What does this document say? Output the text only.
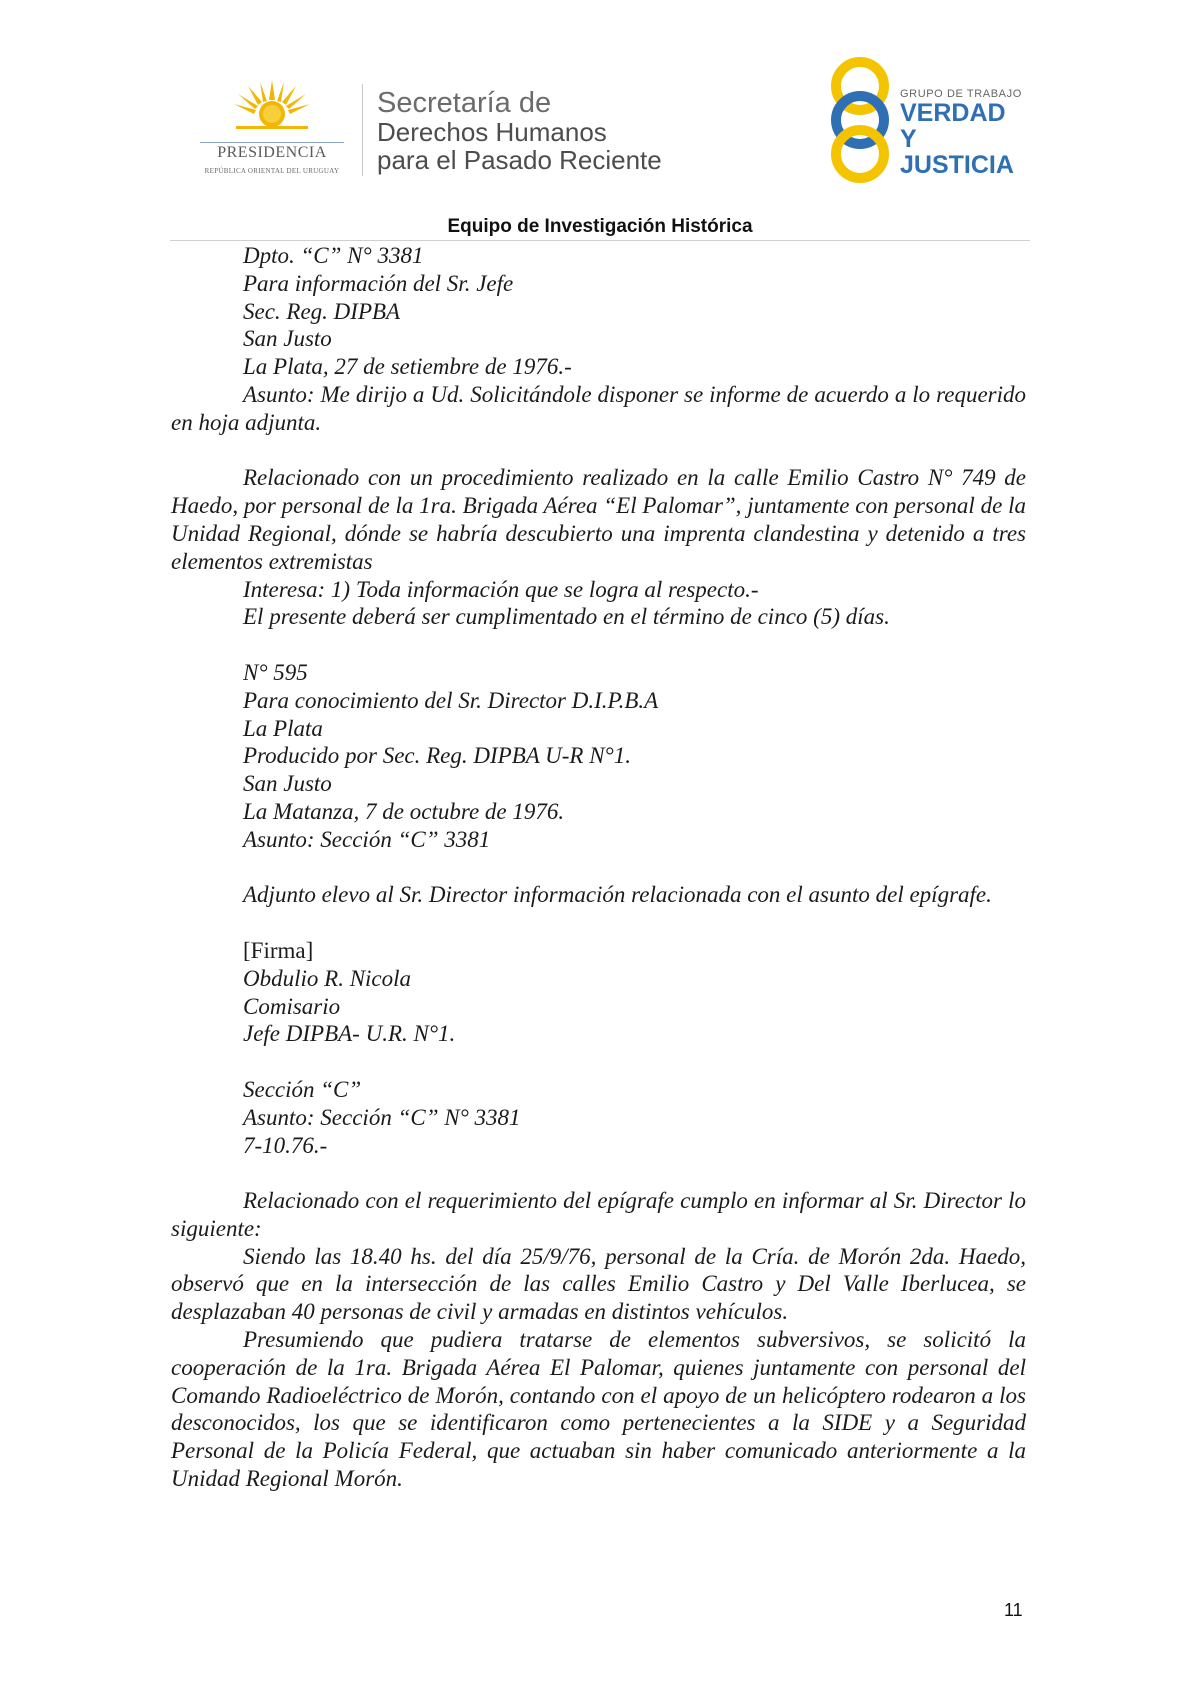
PRESIDENCIA
REPÚBLICA ORIENTAL DEL URUGUAY
Secretaría de
Derechos Humanos
para el Pasado Reciente
GRUPO DE TRABAJO
VERDAD Y
JUSTICIA
Equipo de Investigación Histórica
Dpto. “C” N° 3381
Para información del Sr. Jefe
Sec. Reg. DIPBA
San Justo
La Plata, 27 de setiembre de 1976.-
Asunto: Me dirijo a Ud. Solicitándole disponer se informe de acuerdo a lo requerido en hoja adjunta.
Relacionado con un procedimiento realizado en la calle Emilio Castro N° 749 de Haedo, por personal de la 1ra. Brigada Aérea “El Palomar”, juntamente con personal de la Unidad Regional, dónde se habría descubierto una imprenta clandestina y detenido a tres elementos extremistas
Interesa: 1) Toda información que se logra al respecto.-
El presente deberá ser cumplimentado en el término de cinco (5) días.
N° 595
Para conocimiento del Sr. Director D.I.P.B.A
La Plata
Producido por Sec. Reg. DIPBA U-R N°1.
San Justo
La Matanza, 7 de octubre de 1976.
Asunto: Sección “C” 3381
Adjunto elevo al Sr. Director información relacionada con el asunto del epígrafe.
[Firma]
Obdulio R. Nicola
Comisario
Jefe DIPBA- U.R. N°1.
Sección “C”
Asunto: Sección “C” N° 3381
7-10.76.-
Relacionado con el requerimiento del epígrafe cumplo en informar al Sr. Director lo siguiente:
Siendo las 18.40 hs. del día 25/9/76, personal de la Cría. de Morón 2da. Haedo, observó que en la intersección de las calles Emilio Castro y Del Valle Iberlucea, se desplazaban 40 personas de civil y armadas en distintos vehículos.
Presumiendo que pudiera tratarse de elementos subversivos, se solicitó la cooperación de la 1ra. Brigada Aérea El Palomar, quienes juntamente con personal del Comando Radioeléctrico de Morón, contando con el apoyo de un helicóptero rodearon a los desconocidos, los que se identificaron como pertenecientes a la SIDE y a Seguridad Personal de la Policía Federal, que actuaban sin haber comunicado anteriormente a la Unidad Regional Morón.
11
